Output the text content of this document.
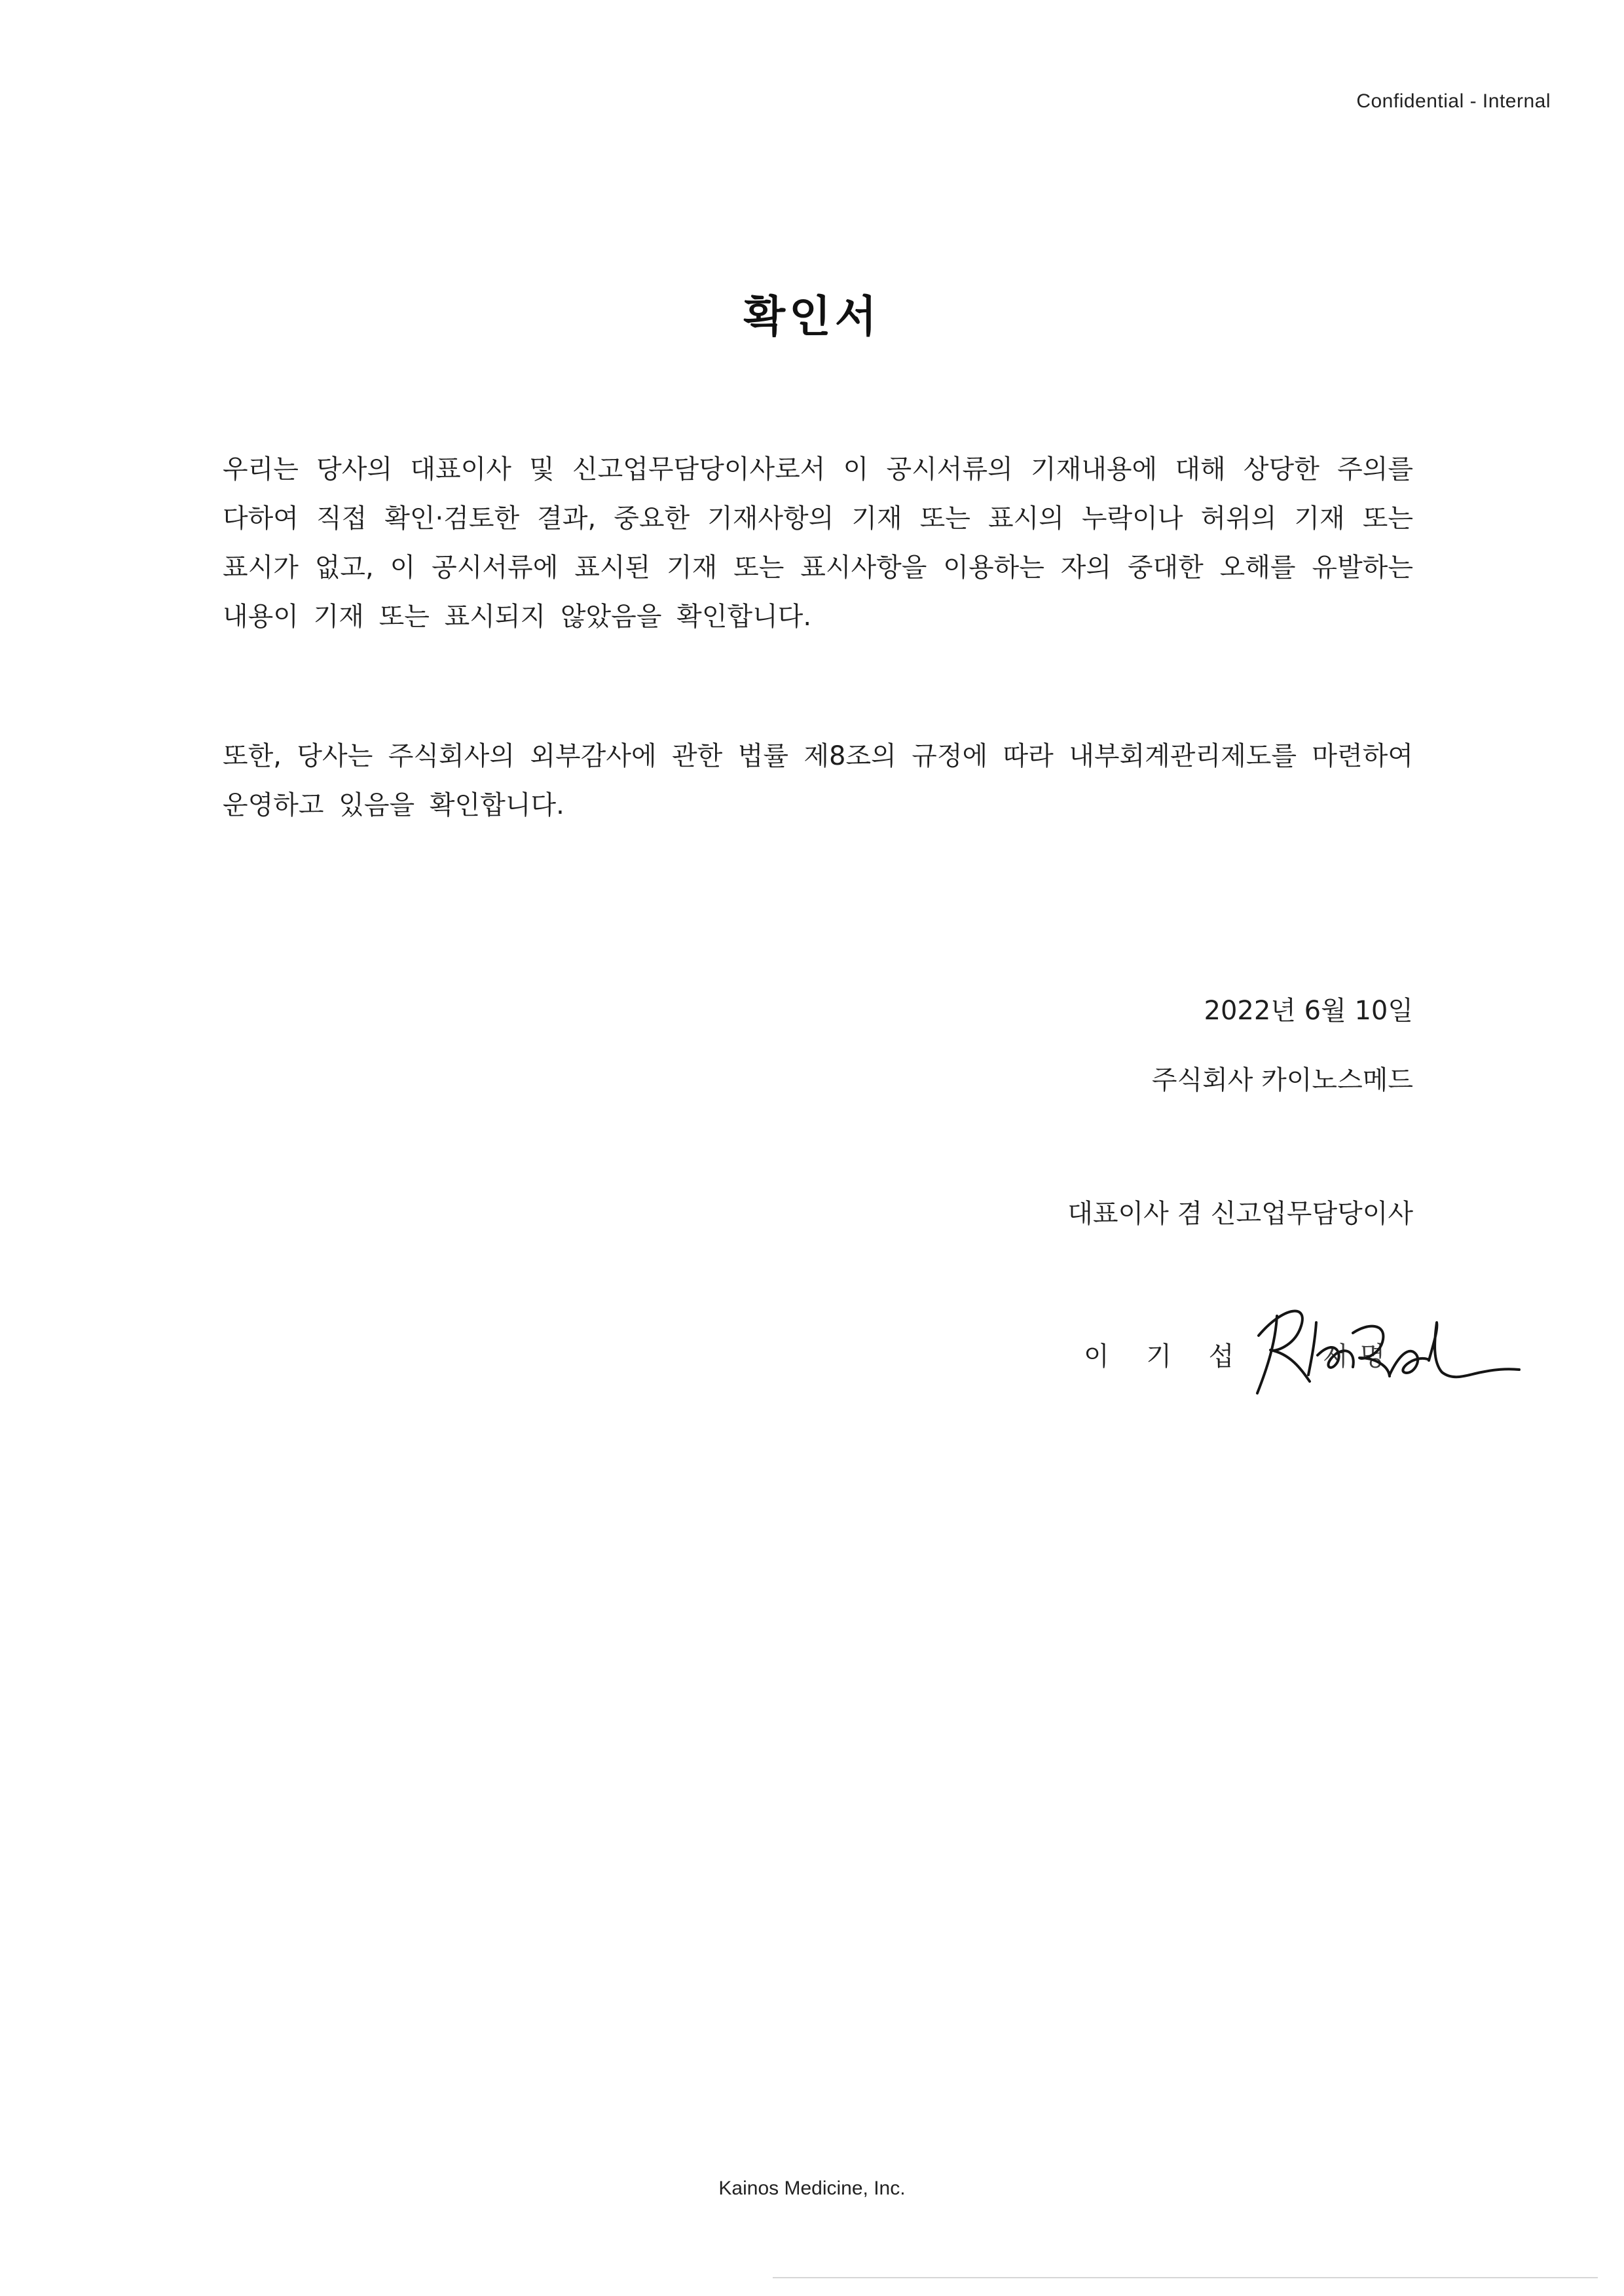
Confidential - Internal
확인서

우리는 당사의 대표이사 및 신고업무담당이사로서 이 공시서류의 기재내용에 대해 상당한 주의를 다하여 직접 확인·검토한 결과, 중요한 기재사항의 기재 또는 표시의 누락이나 허위의 기재 또는 표시가 없고, 이 공시서류에 표시된 기재 또는 표시사항을 이용하는 자의 중대한 오해를 유발하는 내용이 기재 또는 표시되지 않았음을 확인합니다.

또한, 당사는 주식회사의 외부감사에 관한 법률 제8조의 규정에 따라 내부회계관리제도를 마련하여 운영하고 있음을 확인합니다.

2022년 6월 10일
주식회사 카이노스메드
대표이사 겸 신고업무담당이사
이 기 섭	서명
Kainos Medicine, Inc.
